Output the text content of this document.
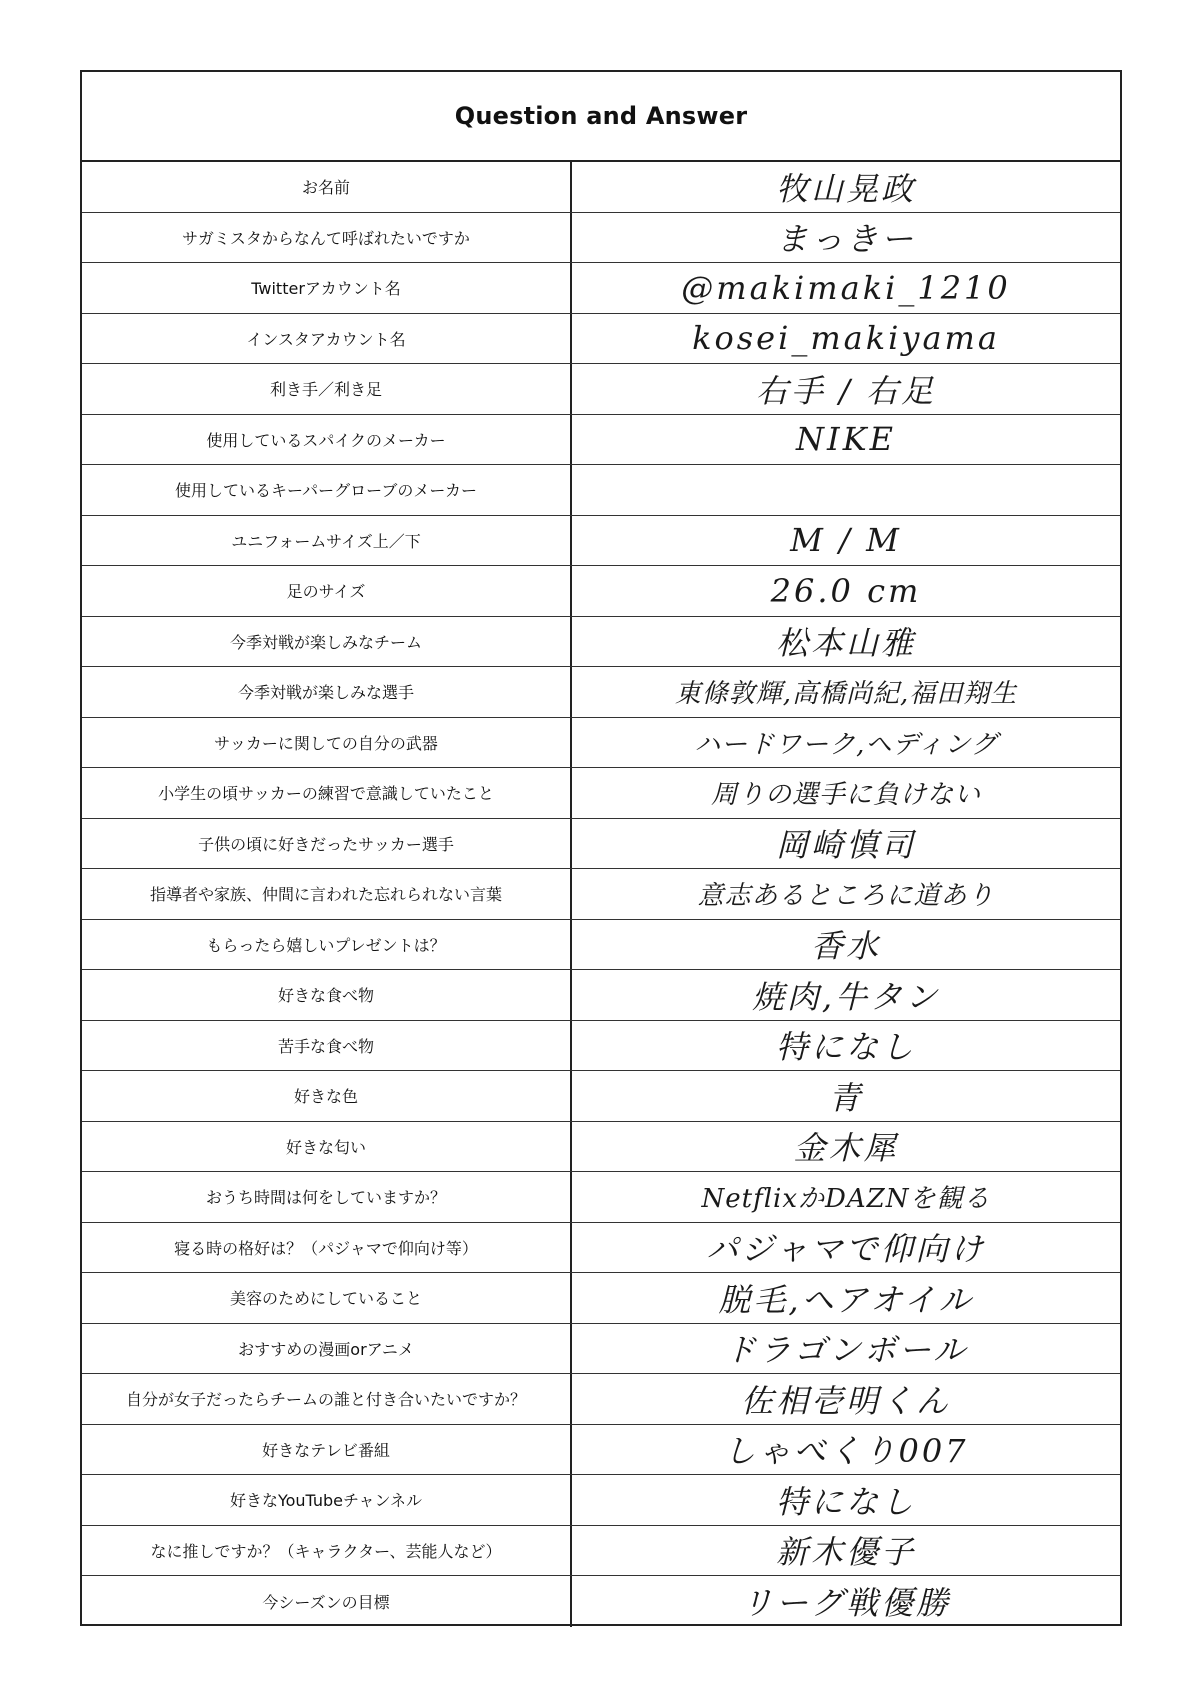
Question and Answer
お名前	牧山晃政
サガミスタからなんて呼ばれたいですか	まっきー
Twitterアカウント名	@makimaki_1210
インスタアカウント名	kosei_makiyama
利き手／利き足	右手 / 右足
使用しているスパイクのメーカー	NIKE
使用しているキーパーグローブのメーカー
ユニフォームサイズ上／下	M / M
足のサイズ	26.0 cm
今季対戦が楽しみなチーム	松本山雅
今季対戦が楽しみな選手	東條敦輝,高橋尚紀,福田翔生
サッカーに関しての自分の武器	ハードワーク,ヘディング
小学生の頃サッカーの練習で意識していたこと	周りの選手に負けない
子供の頃に好きだったサッカー選手	岡崎慎司
指導者や家族、仲間に言われた忘れられない言葉	意志あるところに道あり
もらったら嬉しいプレゼントは？	香水
好きな食べ物	焼肉,牛タン
苦手な食べ物	特になし
好きな色	青
好きな匂い	金木犀
おうち時間は何をしていますか？	NetflixかDAZNを観る
寝る時の格好は？（パジャマで仰向け等）	パジャマで仰向け
美容のためにしていること	脱毛,ヘアオイル
おすすめの漫画orアニメ	ドラゴンボール
自分が女子だったらチームの誰と付き合いたいですか？	佐相壱明くん
好きなテレビ番組	しゃべくり007
好きなYouTubeチャンネル	特になし
なに推しですか？（キャラクター、芸能人など）	新木優子
今シーズンの目標	リーグ戦優勝
